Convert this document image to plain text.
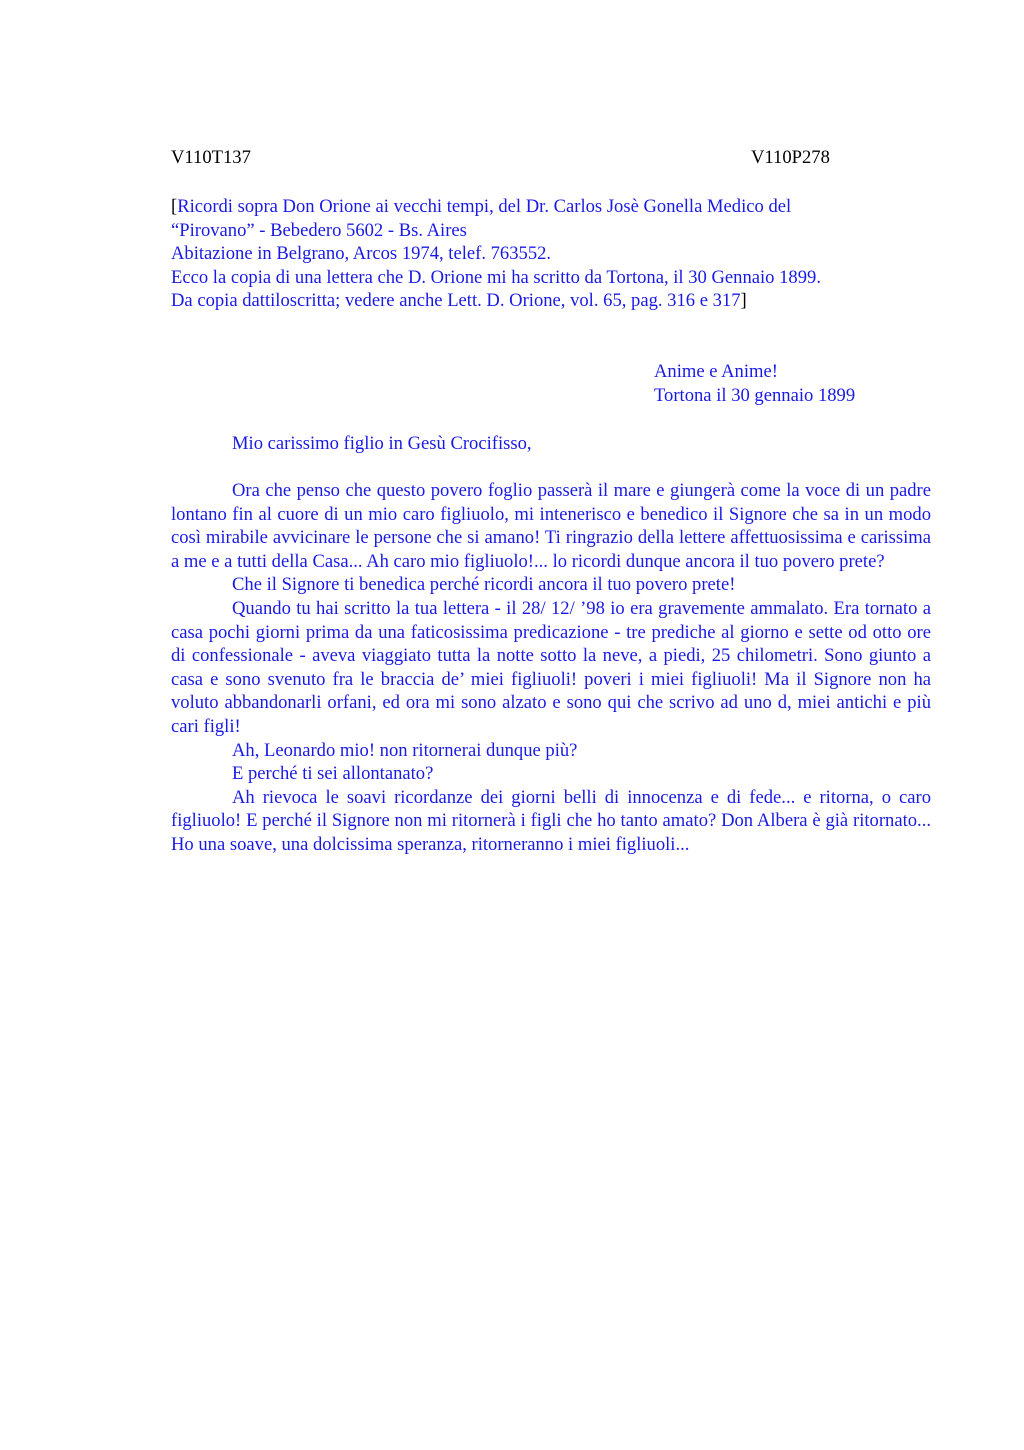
V110T137	V110P278
[Ricordi sopra Don Orione ai vecchi tempi, del Dr. Carlos Josè Gonella Medico del
“Pirovano” - Bebedero 5602 - Bs. Aires
Abitazione in Belgrano, Arcos 1974, telef. 763552.
Ecco la copia di una lettera che D. Orione mi ha scritto da Tortona, il 30 Gennaio 1899.
Da copia dattiloscritta; vedere anche Lett. D. Orione, vol. 65, pag. 316 e 317]
Anime e Anime!
Tortona il 30 gennaio 1899
Mio carissimo figlio in Gesù Crocifisso,

Ora che penso che questo povero foglio passerà il mare e giungerà come la voce di un padre lontano fin al cuore di un mio caro figliuolo, mi intenerisco e benedico il Signore che sa in un modo così mirabile avvicinare le persone che si amano! Ti ringrazio della lettere affettuosissima e carissima a me e a tutti della Casa... Ah caro mio figliuolo!... lo ricordi dunque ancora il tuo povero prete?

Che il Signore ti benedica perché ricordi ancora il tuo povero prete!

Quando tu hai scritto la tua lettera - il 28/ 12/ ’98 io era gravemente ammalato. Era tornato a casa pochi giorni prima da una faticosissima predicazione - tre prediche al giorno e sette od otto ore di confessionale - aveva viaggiato tutta la notte sotto la neve, a piedi, 25 chilometri. Sono giunto a casa e sono svenuto fra le braccia de’ miei figliuoli! poveri i miei figliuoli! Ma il Signore non ha voluto abbandonarli orfani, ed ora mi sono alzato e sono qui che scrivo ad uno d, miei antichi e più cari figli!

Ah, Leonardo mio! non ritornerai dunque più?

E perché ti sei allontanato?

Ah rievoca le soavi ricordanze dei giorni belli di innocenza e di fede... e ritorna, o caro figliuolo! E perché il Signore non mi ritornerà i figli che ho tanto amato? Don Albera è già ritornato... Ho una soave, una dolcissima speranza, ritorneranno i miei figliuoli...
